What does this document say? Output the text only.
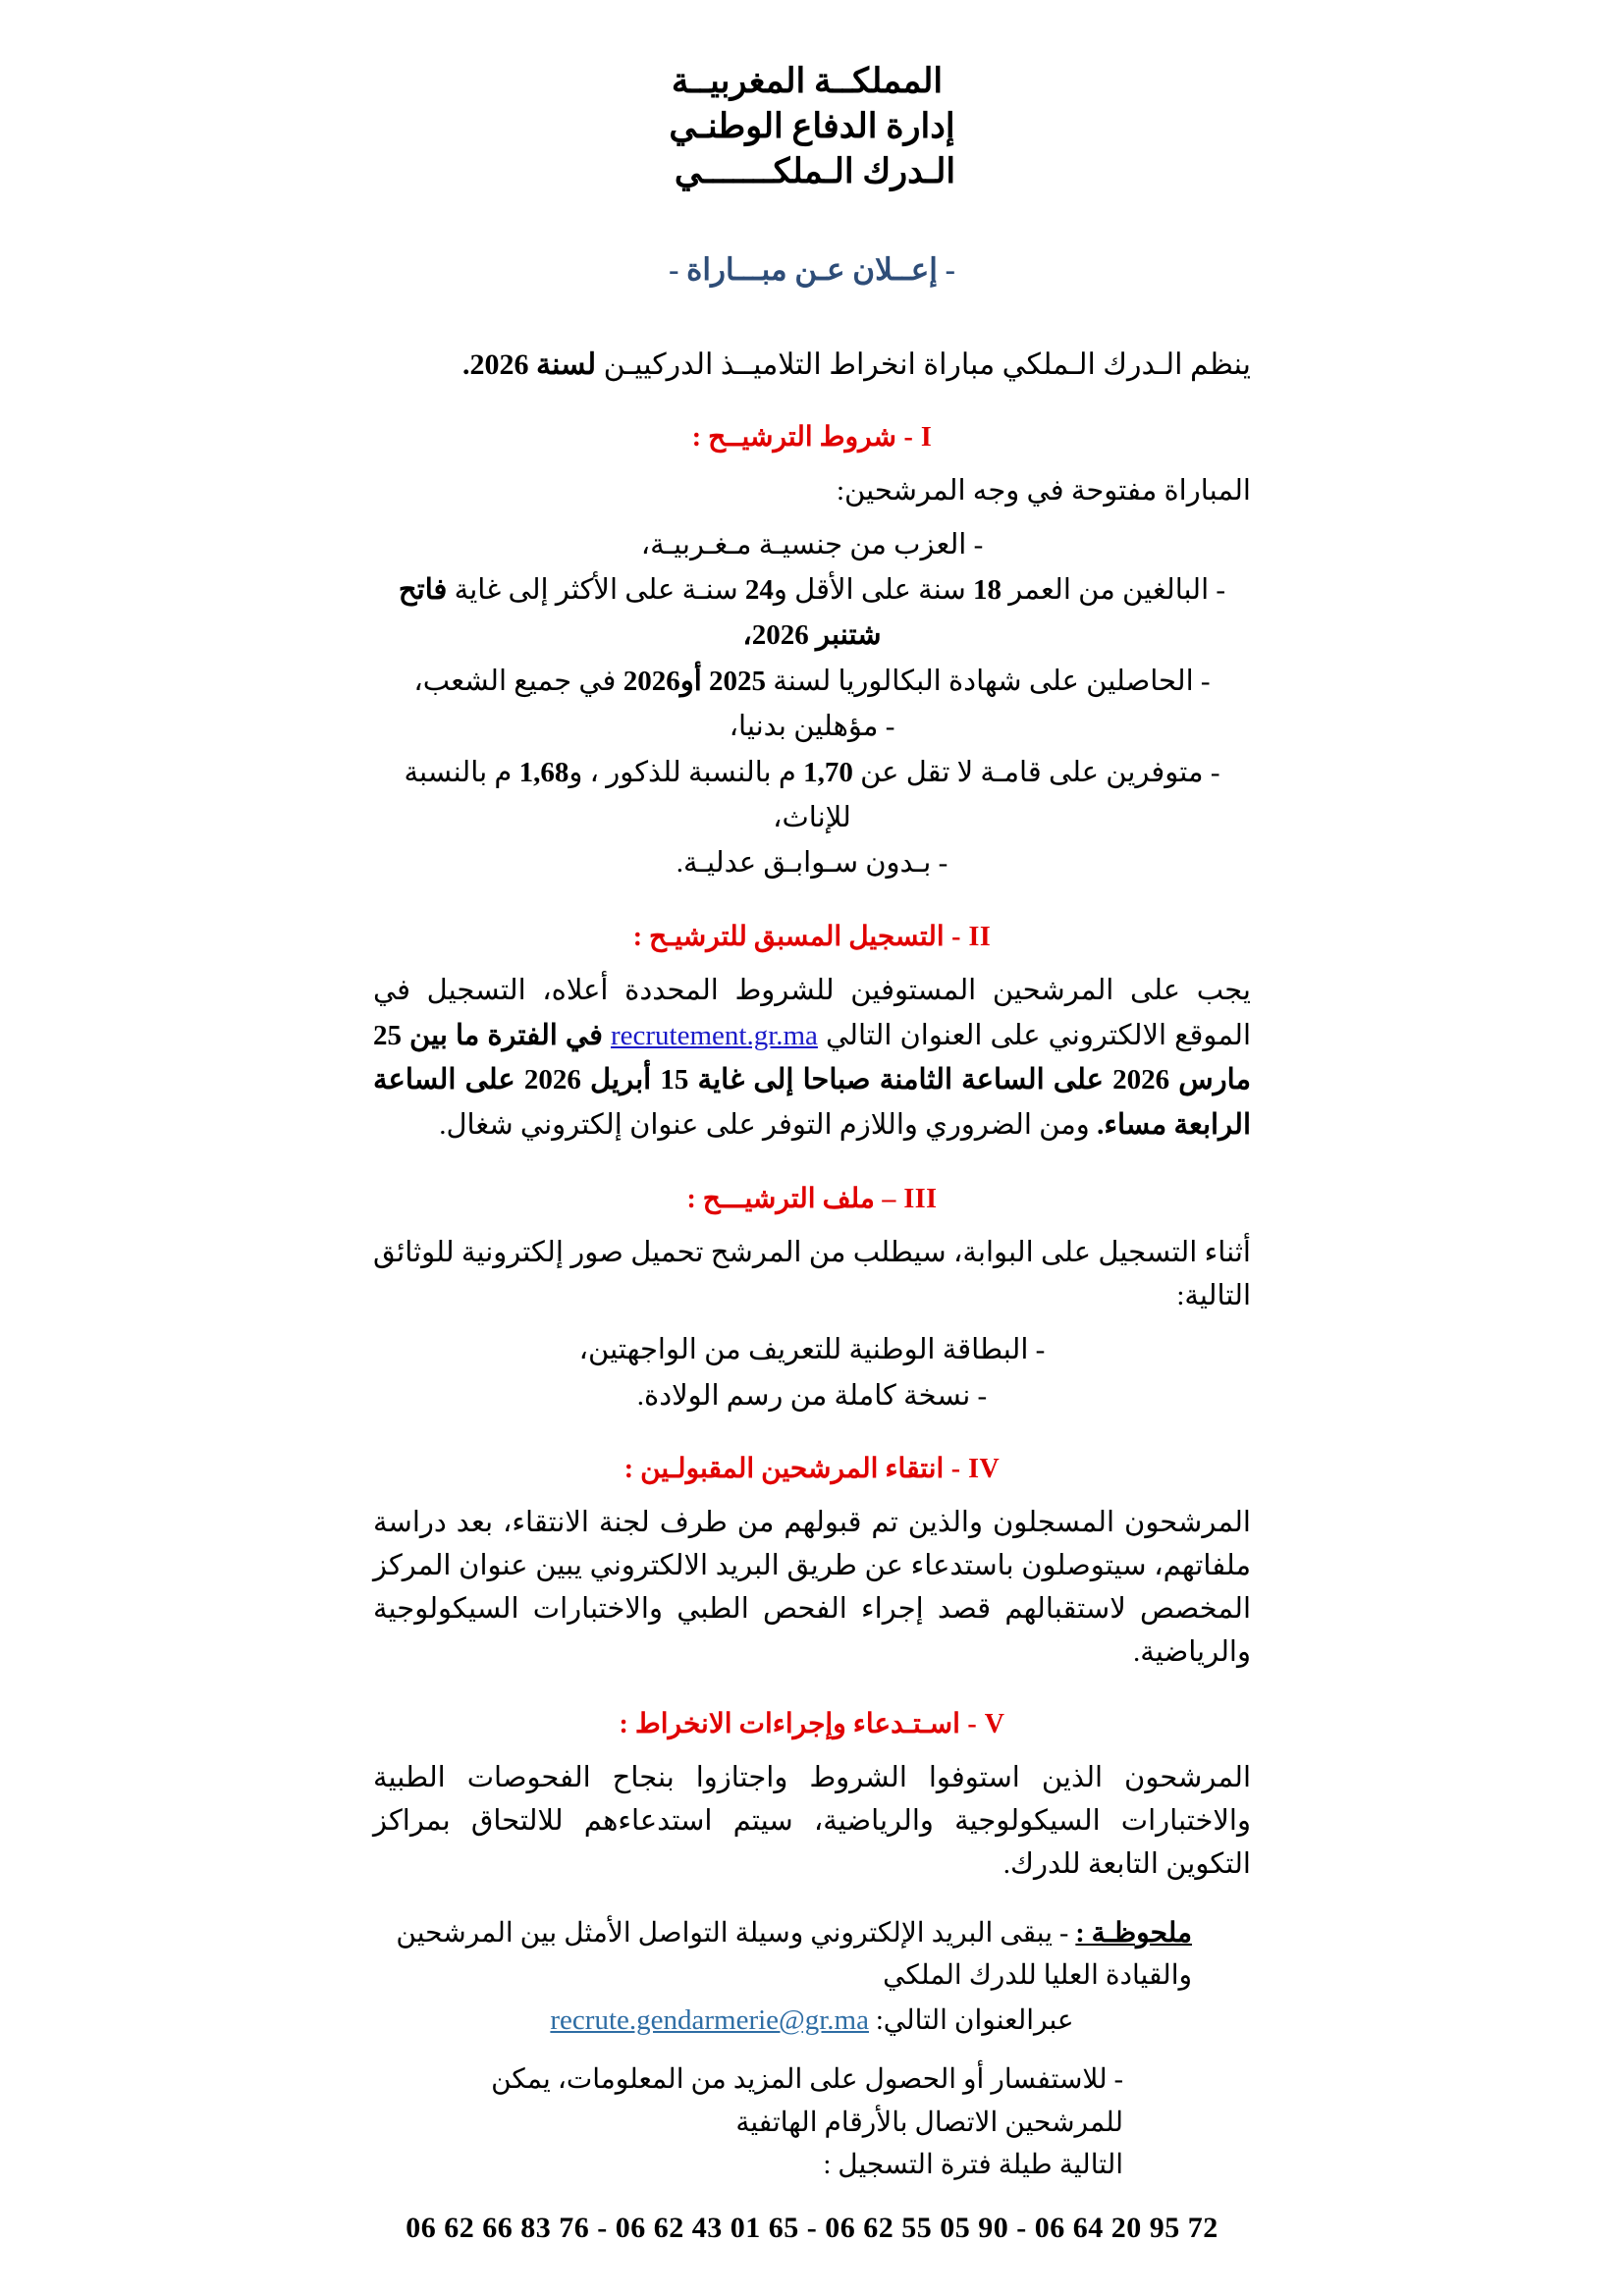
المملكــة المغربيــة
إدارة الدفاع الوطنـي
الـدرك الـملكـــــــي
- إعــلان عـن مبـــاراة -
ينظم الـدرك الـملكي مباراة انخراط التلاميــذ الدركييـن لسنة 2026.
I - شروط الترشيــح :
المباراة مفتوحة في وجه المرشحين:
- العزب من جنسيـة مـغـربيـة،
- البالغين من العمر 18 سنة على الأقل و24 سنـة على الأكثر إلى غاية فاتح شتنبر 2026،
- الحاصلين على شهادة البكالوريا لسنة 2025 أو2026 في جميع الشعب،
- مؤهلين بدنيا،
- متوفرين على قامـة لا تقل عن 1,70 م بالنسبة للذكور ، و1,68 م بالنسبة للإناث،
- بـدون سـوابـق عدليـة.
II - التسجيل المسبق للترشيـح :
يجب على المرشحين المستوفين للشروط المحددة أعلاه، التسجيل في الموقع الالكتروني على العنوان التالي recrutement.gr.ma في الفترة ما بين 25 مارس 2026 على الساعة الثامنة صباحا إلى غاية 15 أبريل 2026 على الساعة الرابعة مساء. ومن الضروري واللازم التوفر على عنوان إلكتروني شغال.
III – ملف الترشيـــح :
أثناء التسجيل على البوابة، سيطلب من المرشح تحميل صور إلكترونية للوثائق التالية:
- البطاقة الوطنية للتعريف من الواجهتين،
- نسخة كاملة من رسم الولادة.
IV - انتقاء المرشحين المقبولـين :
المرشحون المسجلون والذين تم قبولهم من طرف لجنة الانتقاء، بعد دراسة ملفاتهم، سيتوصلون باستدعاء عن طريق البريد الالكتروني يبين عنوان المركز المخصص لاستقبالهم قصد إجراء الفحص الطبي والاختبارات السيكولوجية والرياضية.
V - اسـتـدعاء وإجراءات الانخراط :
المرشحون الذين استوفوا الشروط واجتازوا بنجاح الفحوصات الطبية والاختبارات السيكولوجية والرياضية، سيتم استدعاءهم للالتحاق بمراكز التكوين التابعة للدرك.
ملحوظـة : - يبقى البريد الإلكتروني وسيلة التواصل الأمثل بين المرشحين والقيادة العليا للدرك الملكي
عبرالعنوان التالي: recrute.gendarmerie@gr.ma
- للاستفسار أو الحصول على المزيد من المعلومات، يمكن للمرشحين الاتصال بالأرقام الهاتفية
التالية طيلة فترة التسجيل :
06 62 66 83 76 - 06 62 43 01 65 - 06 62 55 05 90 - 06 64 20 95 72
